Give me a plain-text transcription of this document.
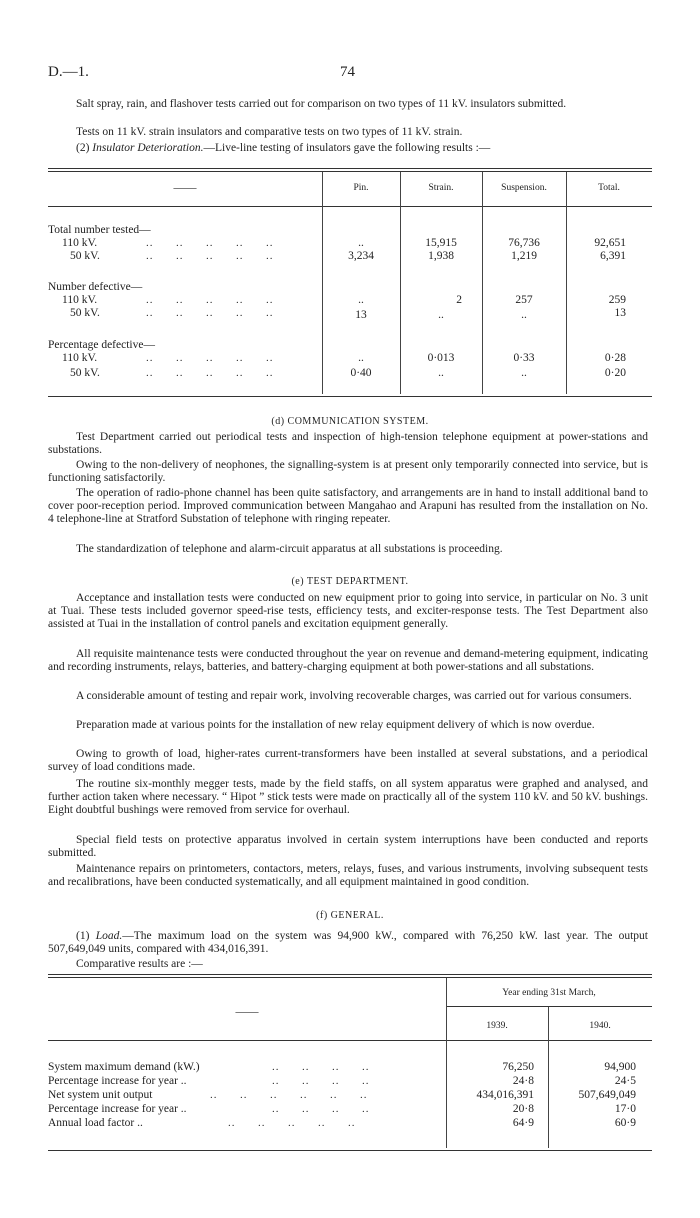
D.—1.	74
Salt spray, rain, and flashover tests carried out for comparison on two types of 11 kV. insulators submitted.
Tests on 11 kV. strain insulators and comparative tests on two types of 11 kV. strain.
(2) Insulator Deterioration.—Live-line testing of insulators gave the following results :—
——	Pin.	Strain.	Suspension.	Total.
Total number tested—
110 kV.	..      ..      ..      ..      ..	..	15,915	76,736	92,651
50 kV.	..      ..      ..      ..      ..	3,234	1,938	1,219	6,391
Number defective—
110 kV.	..      ..      ..      ..      ..	..	2	257	259
50 kV.	..      ..      ..      ..      ..	13	..	..	13
Percentage defective—
110 kV.	..      ..      ..      ..      ..	..	0·013	0·33	0·28
50 kV.	..      ..      ..      ..      ..	0·40	..	..	0·20
(d) COMMUNICATION SYSTEM.
Test Department carried out periodical tests and inspection of high-tension telephone equipment at power-stations and substations.
Owing to the non-delivery of neophones, the signalling-system is at present only temporarily connected into service, but is functioning satisfactorily.
The operation of radio-phone channel has been quite satisfactory, and arrangements are in hand to install additional band to cover poor-reception period. Improved communication between Mangahao and Arapuni has resulted from the installation on No. 4 telephone-line at Stratford Substation of telephone with ringing repeater.
The standardization of telephone and alarm-circuit apparatus at all substations is proceeding.
(e) TEST DEPARTMENT.
Acceptance and installation tests were conducted on new equipment prior to going into service, in particular on No. 3 unit at Tuai. These tests included governor speed-rise tests, efficiency tests, and exciter-response tests. The Test Department also assisted at Tuai in the installation of control panels and excitation equipment generally.
All requisite maintenance tests were conducted throughout the year on revenue and demand-metering equipment, indicating and recording instruments, relays, batteries, and battery-charging equipment at both power-stations and all substations.
A considerable amount of testing and repair work, involving recoverable charges, was carried out for various consumers.
Preparation made at various points for the installation of new relay equipment delivery of which is now overdue.
Owing to growth of load, higher-rates current-transformers have been installed at several substations, and a periodical survey of load conditions made.
The routine six-monthly megger tests, made by the field staffs, on all system apparatus were graphed and analysed, and further action taken where necessary. “ Hipot ” stick tests were made on practically all of the system 110 kV. and 50 kV. bushings. Eight doubtful bushings were removed from service for overhaul.
Special field tests on protective apparatus involved in certain system interruptions have been conducted and reports submitted.
Maintenance repairs on printometers, contactors, meters, relays, fuses, and various instruments, involving subsequent tests and recalibrations, have been conducted systematically, and all equipment maintained in good condition.
(f) GENERAL.
(1) Load.—The maximum load on the system was 94,900 kW., compared with 76,250 kW. last year. The output 507,649,049 units, compared with 434,016,391.
Comparative results are :—
——
Year ending 31st March,
1939.	1940.
System maximum demand (kW.)	..      ..      ..      ..	76,250	94,900
Percentage increase for year ..	..      ..      ..      ..	24·8	24·5
Net system unit output	..      ..      ..      ..      ..      ..	434,016,391	507,649,049
Percentage increase for year ..	..      ..      ..      ..	20·8	17·0
Annual load factor ..	..      ..      ..      ..      ..	64·9	60·9
